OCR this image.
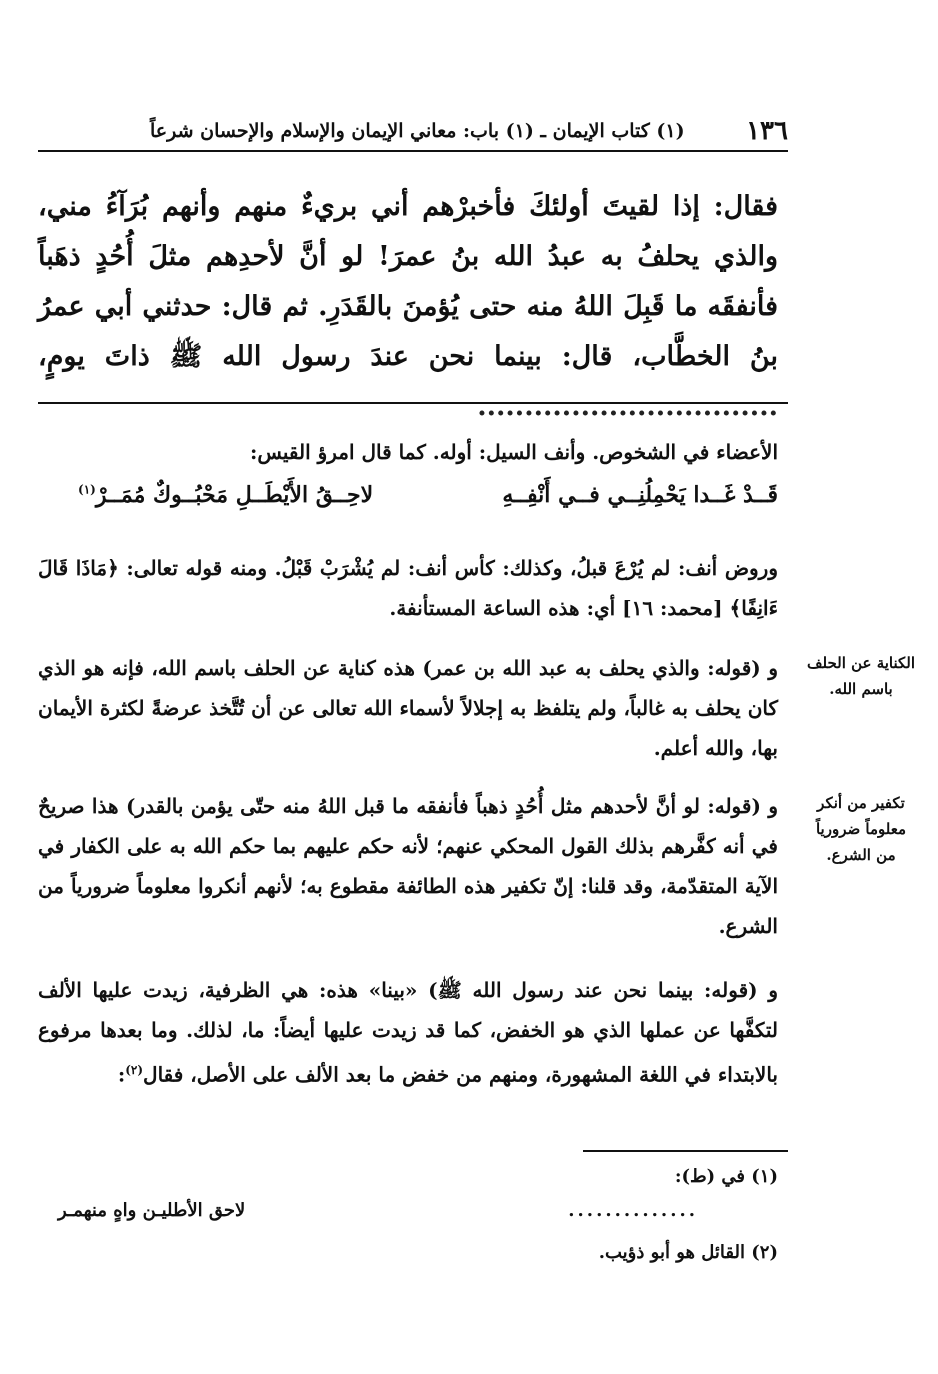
١٣٦
(١) كتاب الإيمان ـ (١) باب: معاني الإيمان والإسلام والإحسان شرعاً
فقال: إذا لقيتَ أولئكَ فأخبرْهم أني بريءٌ منهم وأنهم بُرَآءُ مني، والذي يحلفُ به عبدُ الله بنُ عمرَ! لو أنَّ لأحدِهم مثلَ أُحُدٍ ذهَباً فأنفقَه ما قَبِلَ اللهُ منه حتى يُؤمنَ بالقَدَرِ. ثم قال: حدثني أبي عمرُ بنُ الخطَّاب، قال: بينما نحن عندَ رسول الله ﷺ ذاتَ يومٍ، ................................
الأعضاء في الشخوص. وأنف السيل: أوله. كما قال امرؤ القيس:
قَــدْ غَــدا يَحْمِلُنِــي فــي أَنْفِــهِ
لاحِــقُ الأَيْطَــلِ مَحْبُــوكٌ مُمَــرْ$^{(١)}$
وروض أنف: لم يُرْعَ قبلُ، وكذلك: كأس أنف: لم يُشْرَبْ قَبْلُ. ومنه قوله تعالى: ﴿مَاذَا قَالَ ءَانِفًا﴾ [محمد: ١٦] أي: هذه الساعة المستأنفة.
و (قوله: والذي يحلف به عبد الله بن عمر) هذه كناية عن الحلف باسم الله، فإنه هو الذي كان يحلف به غالباً، ولم يتلفظ به إجلالاً لأسماء الله تعالى عن أن تُتَّخذ عرضةً لكثرة الأيمان بها، والله أعلم.
الكناية عن الحلف باسم الله.
و (قوله: لو أنَّ لأحدهم مثل أُحُدٍ ذهباً فأنفقه ما قبل اللهُ منه حتّى يؤمن بالقدر) هذا صريحٌ في أنه كفَّرهم بذلك القول المحكي عنهم؛ لأنه حكم عليهم بما حكم الله به على الكفار في الآية المتقدّمة، وقد قلنا: إنّ تكفير هذه الطائفة مقطوع به؛ لأنهم أنكروا معلوماً ضرورياً من الشرع.
تكفير من أنكر معلوماً ضرورياً من الشرع.
و (قوله: بينما نحن عند رسول الله ﷺ) «بينا» هذه: هي الظرفية، زيدت عليها الألف لتكفَّها عن عملها الذي هو الخفض، كما قد زيدت عليها أيضاً: ما، لذلك. وما بعدها مرفوع بالابتداء في اللغة المشهورة، ومنهم من خفض ما بعد الألف على الأصل، فقال$^{(٢)}$:
(١) في (ط):
..............
لاحق الأطليـن واهٍ منهمـر
(٢) القائل هو أبو ذؤيب.
